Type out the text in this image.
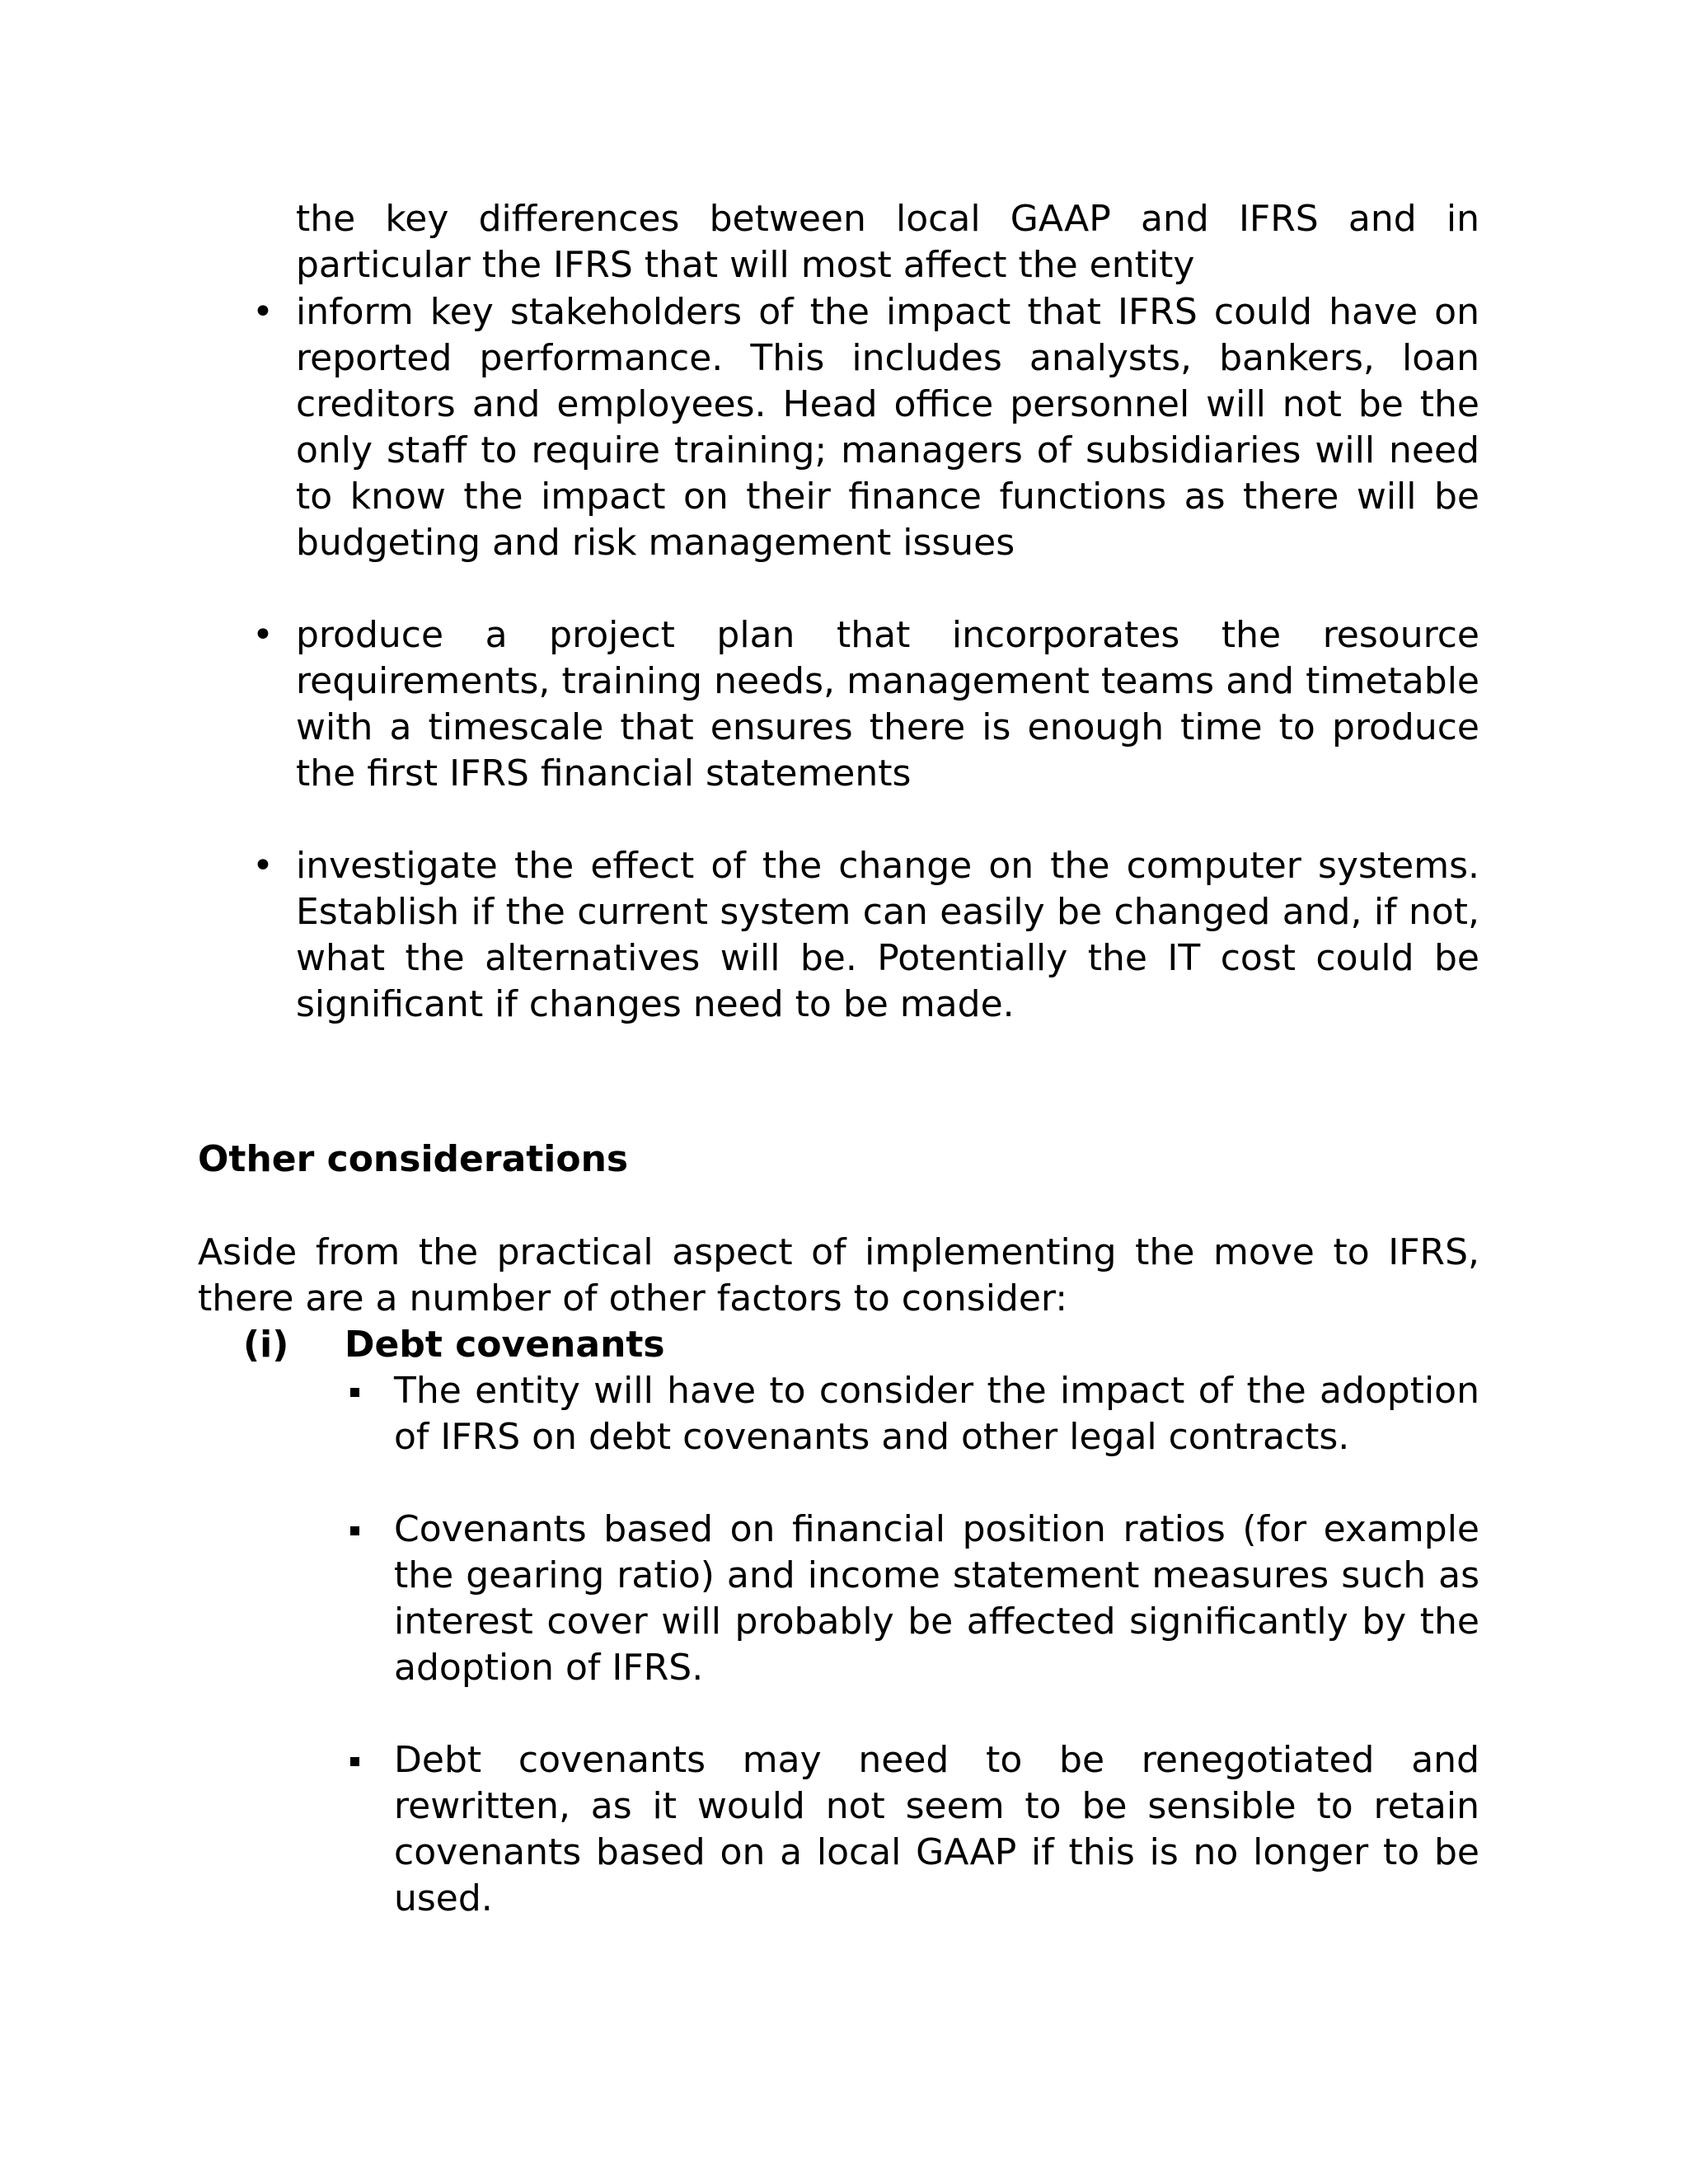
the key differences between local GAAP and IFRS and in particular the IFRS that will most affect the entity

• inform key stakeholders of the impact that IFRS could have on reported performance. This includes analysts, bankers, loan creditors and employees. Head office personnel will not be the only staff to require training; managers of subsidiaries will need to know the impact on their finance functions as there will be budgeting and risk management issues
• produce a project plan that incorporates the resource requirements, training needs, management teams and timetable with a timescale that ensures there is enough time to produce the first IFRS financial statements
• investigate the effect of the change on the computer systems. Establish if the current system can easily be changed and, if not, what the alternatives will be. Potentially the IT cost could be significant if changes need to be made.
Other considerations

Aside from the practical aspect of implementing the move to IFRS, there are a number of other factors to consider:

(i) Debt covenants
The entity will have to consider the impact of the adoption of IFRS on debt covenants and other legal contracts.
Covenants based on financial position ratios (for example the gearing ratio) and income statement measures such as interest cover will probably be affected significantly by the adoption of IFRS.
Debt covenants may need to be renegotiated and rewritten, as it would not seem to be sensible to retain covenants based on a local GAAP if this is no longer to be used.
